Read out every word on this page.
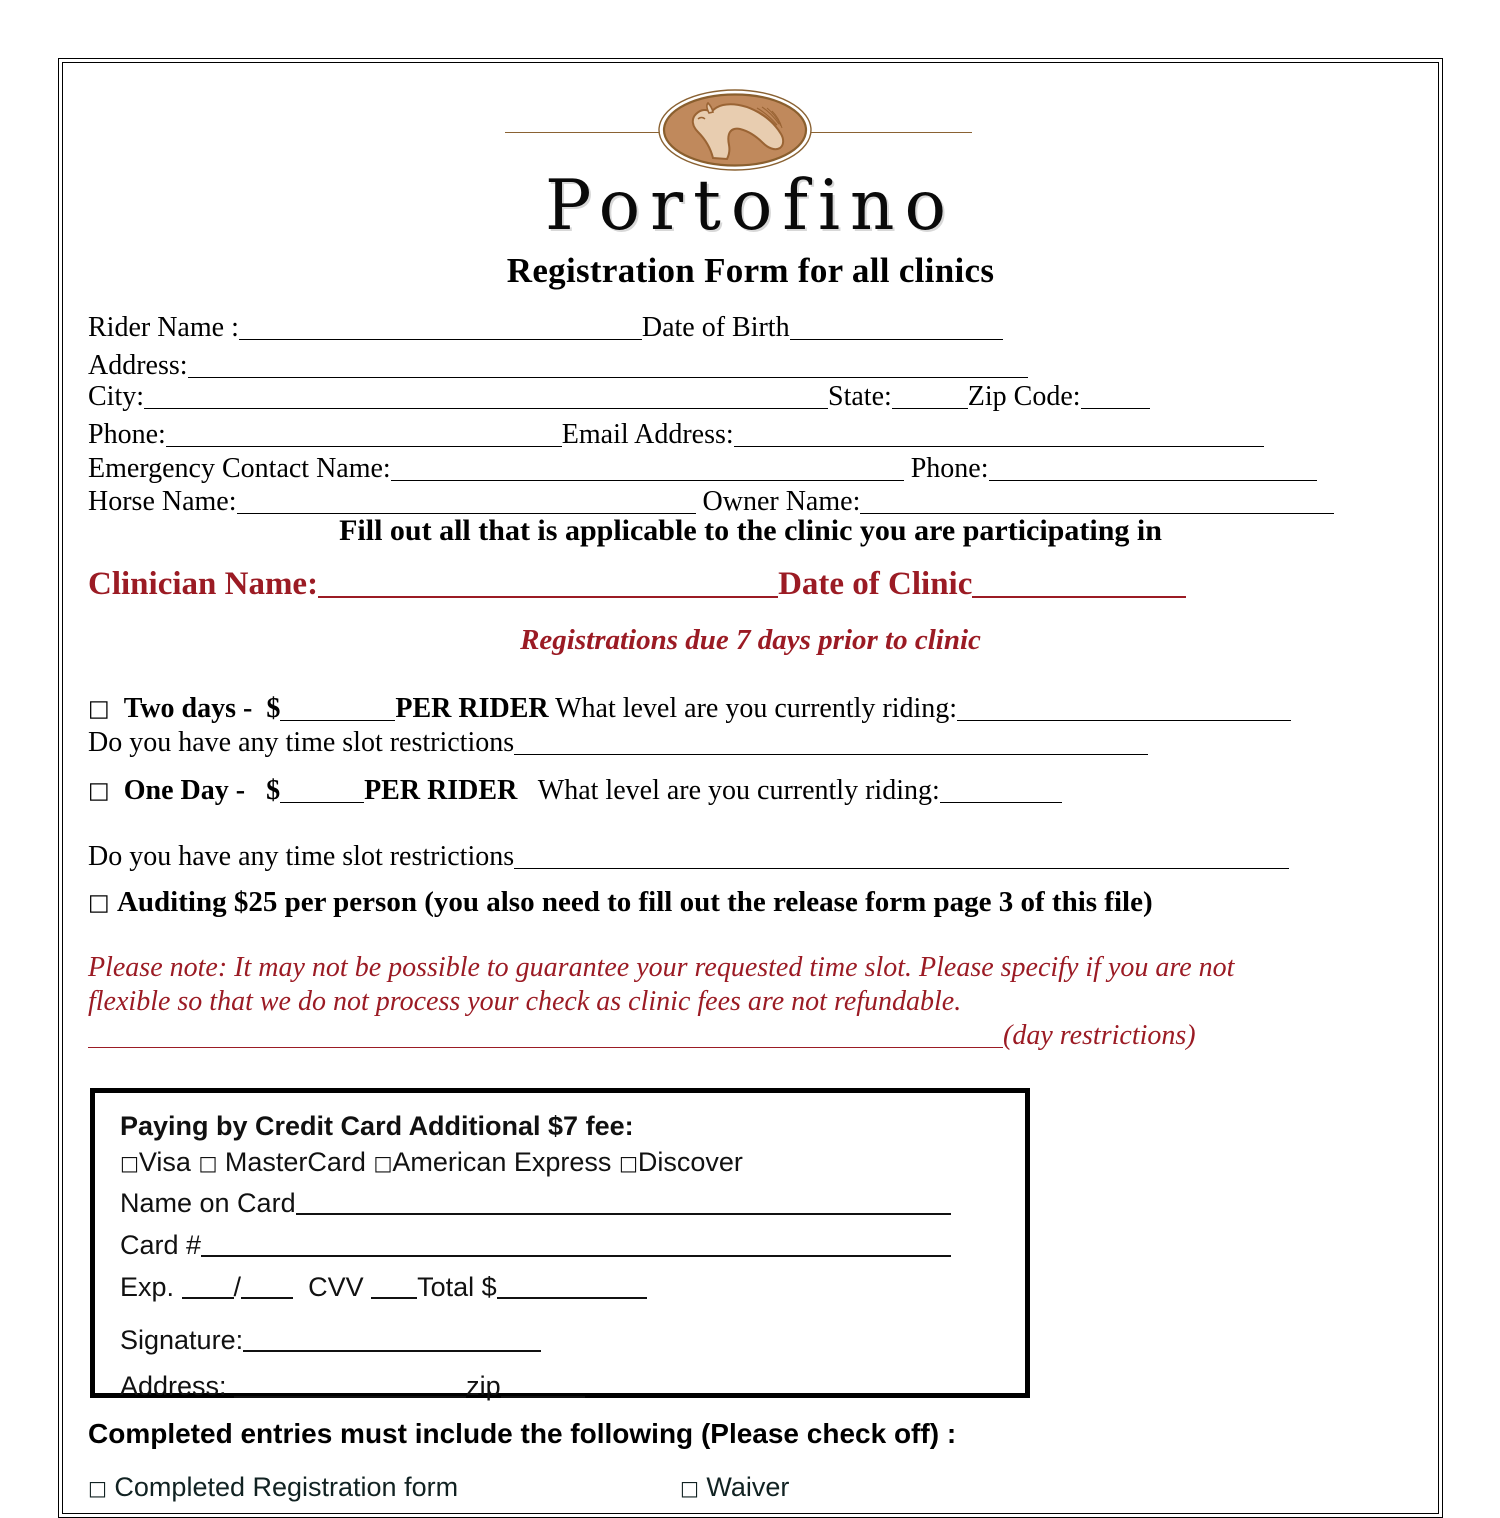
Portofino
Registration Form for all clinics
Rider Name :	Date of Birth
Address:
City:	State:	Zip Code:
Phone:	Email Address:
Emergency Contact Name:	Phone:
Horse Name:	Owner Name:
Fill out all that is applicable to the clinic you are participating in
Clinician Name:	Date of Clinic
Registrations due 7 days prior to clinic
□ Two days - $	PER RIDER What level are you currently riding:
Do you have any time slot restrictions
□ One Day - $	PER RIDER What level are you currently riding:
Do you have any time slot restrictions
□ Auditing $25 per person (you also need to fill out the release form page 3 of this file)
Please note: It may not be possible to guarantee your requested time slot. Please specify if you are not
flexible so that we do not process your check as clinic fees are not refundable.
(day restrictions)
Paying by Credit Card Additional $7 fee:
□Visa □ MasterCard □American Express □Discover
Name on Card
Card #
Exp. / CVV Total $
Signature:
Address:	zip
Completed entries must include the following (Please check off) :
□ Completed Registration form	□ Waiver
